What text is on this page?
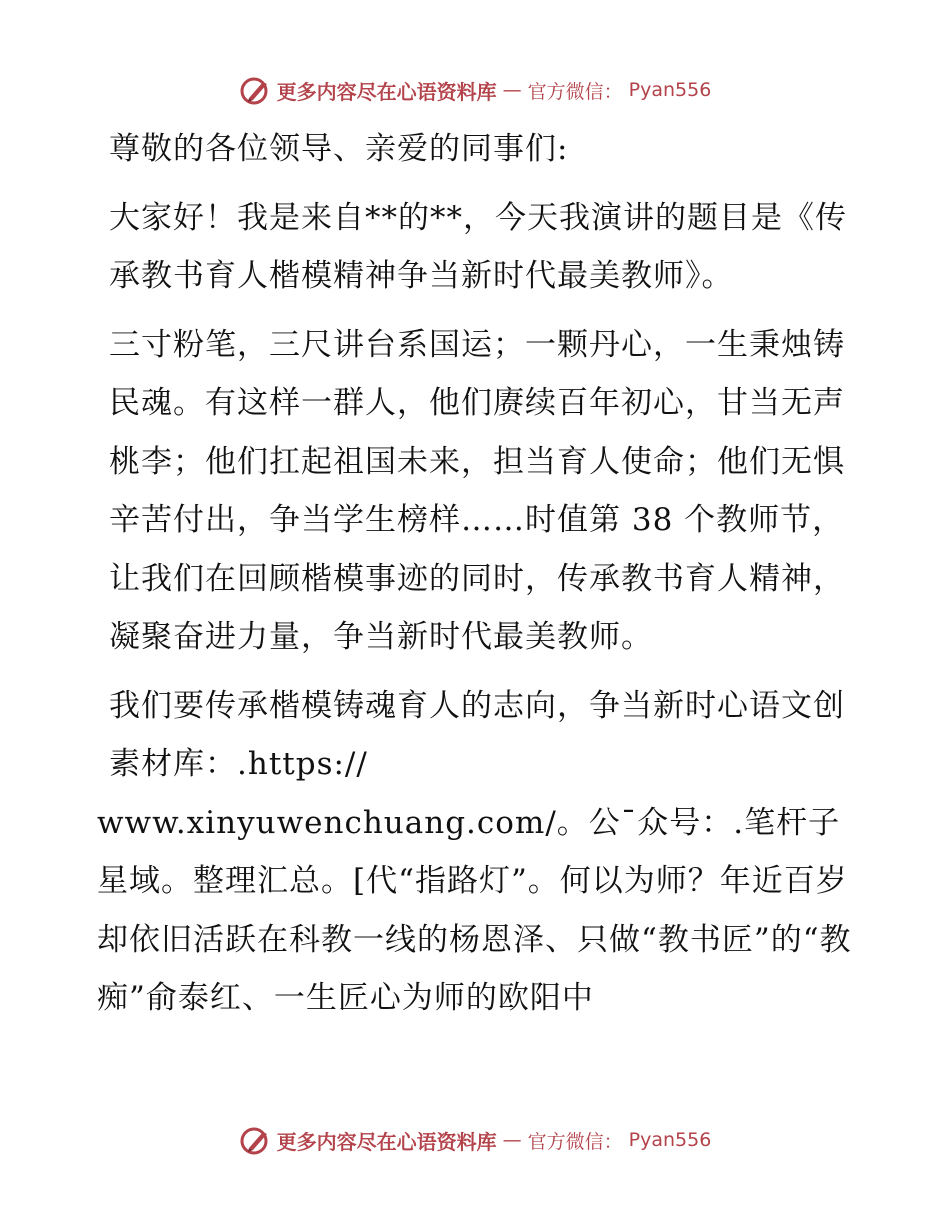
更多内容尽在心语资料库 — 官方微信： Pyan556

尊敬的各位领导、亲爱的同事们:

大家好！我是来自**的**，今天我演讲的题目是《传承教书育人楷模精神争当新时代最美教师》。

三寸粉笔，三尺讲台系国运；一颗丹心，一生秉烛铸民魂。有这样一群人，他们赓续百年初心，甘当无声桃李；他们扛起祖国未来，担当育人使命；他们无惧辛苦付出，争当学生榜样……时值第 38 个教师节，让我们在回顾楷模事迹的同时，传承教书育人精神，凝聚奋进力量，争当新时代最美教师。

我们要传承楷模铸魂育人的志向，争当新时心语文创素材库：.https://

www.xinyuwenchuang.com/。公¯众号：.笔杆子星域。整理汇总。[代“指路灯”。何以为师？年近百岁却依旧活跃在科教一线的杨恩泽、只做“教书匠”的“教痴”俞泰红、一生匠心为师的欧阳中

更多内容尽在心语资料库 — 官方微信： Pyan556
